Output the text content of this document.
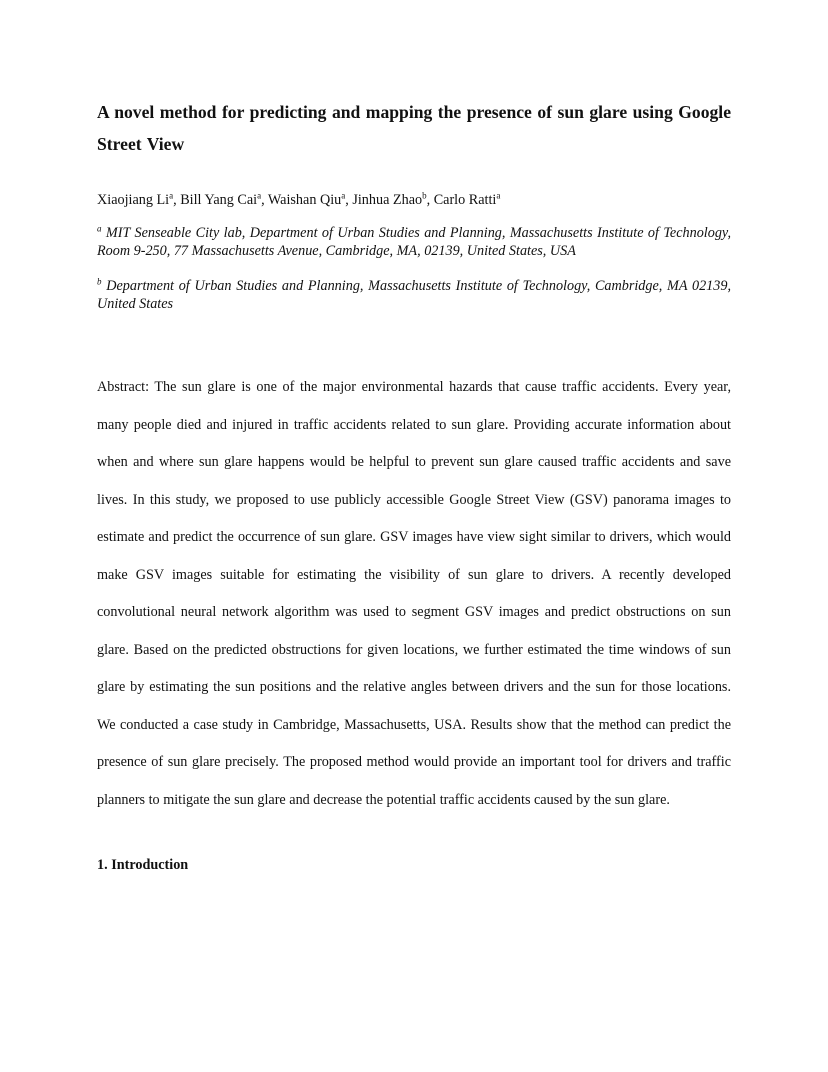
A novel method for predicting and mapping the presence of sun glare using Google Street View
Xiaojiang Li$^a$, Bill Yang Cai$^a$, Waishan Qiu$^a$, Jinhua Zhao$^b$, Carlo Ratti$^a$
$^a$ MIT Senseable City lab, Department of Urban Studies and Planning, Massachusetts Institute of Technology, Room 9-250, 77 Massachusetts Avenue, Cambridge, MA, 02139, United States, USA
$^b$ Department of Urban Studies and Planning, Massachusetts Institute of Technology, Cambridge, MA 02139, United States

Abstract: The sun glare is one of the major environmental hazards that cause traffic accidents. Every year, many people died and injured in traffic accidents related to sun glare. Providing accurate information about when and where sun glare happens would be helpful to prevent sun glare caused traffic accidents and save lives. In this study, we proposed to use publicly accessible Google Street View (GSV) panorama images to estimate and predict the occurrence of sun glare. GSV images have view sight similar to drivers, which would make GSV images suitable for estimating the visibility of sun glare to drivers. A recently developed convolutional neural network algorithm was used to segment GSV images and predict obstructions on sun glare. Based on the predicted obstructions for given locations, we further estimated the time windows of sun glare by estimating the sun positions and the relative angles between drivers and the sun for those locations. We conducted a case study in Cambridge, Massachusetts, USA. Results show that the method can predict the presence of sun glare precisely. The proposed method would provide an important tool for drivers and traffic planners to mitigate the sun glare and decrease the potential traffic accidents caused by the sun glare.

1. Introduction
